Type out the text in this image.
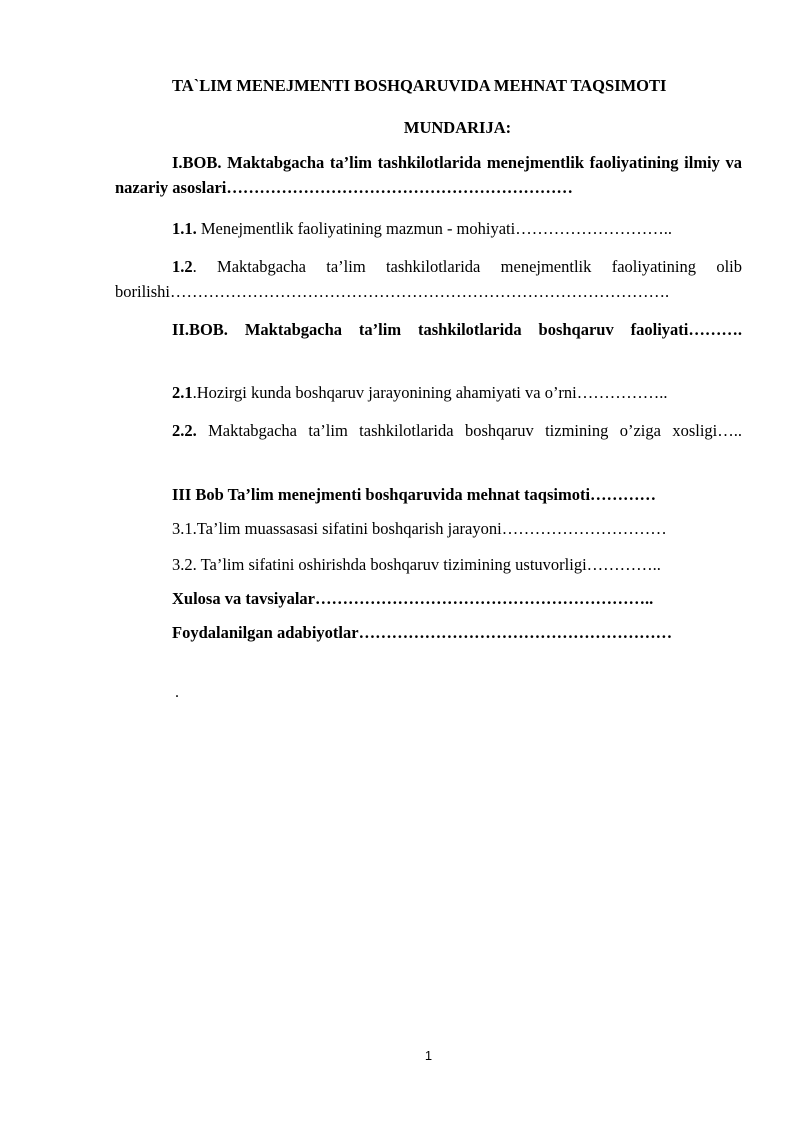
TA`LIM MENEJMENTI BOSHQARUVIDA MEHNAT TAQSIMOTI
MUNDARIJA:
I.BOB. Maktabgacha ta’lim tashkilotlarida menejmentlik faoliyatining ilmiy va nazariy asoslari………………………………………………………
1.1. Menejmentlik faoliyatining mazmun - mohiyati………………………..
1.2. Maktabgacha ta’lim tashkilotlarida menejmentlik faoliyatining olib borilishi……………………………………………………………………………….
II.BOB. Maktabgacha ta’lim tashkilotlarida boshqaruv faoliyati……….
2.1.Hozirgi kunda boshqaruv jarayonining ahamiyati va o’rni……………..
2.2. Maktabgacha ta’lim tashkilotlarida boshqaruv tizmining o’ziga xosligi…..
III Bob Ta’lim menejmenti boshqaruvida mehnat taqsimoti…………
3.1.Ta’lim muassasasi sifatini boshqarish jarayoni…………………………
3.2. Ta’lim sifatini oshirishda boshqaruv tizimining ustuvorligi…………..
Xulosa va tavsiyalar……………………………………………………..
Foydalanilgan adabiyotlar…………………………………………………
.
1
